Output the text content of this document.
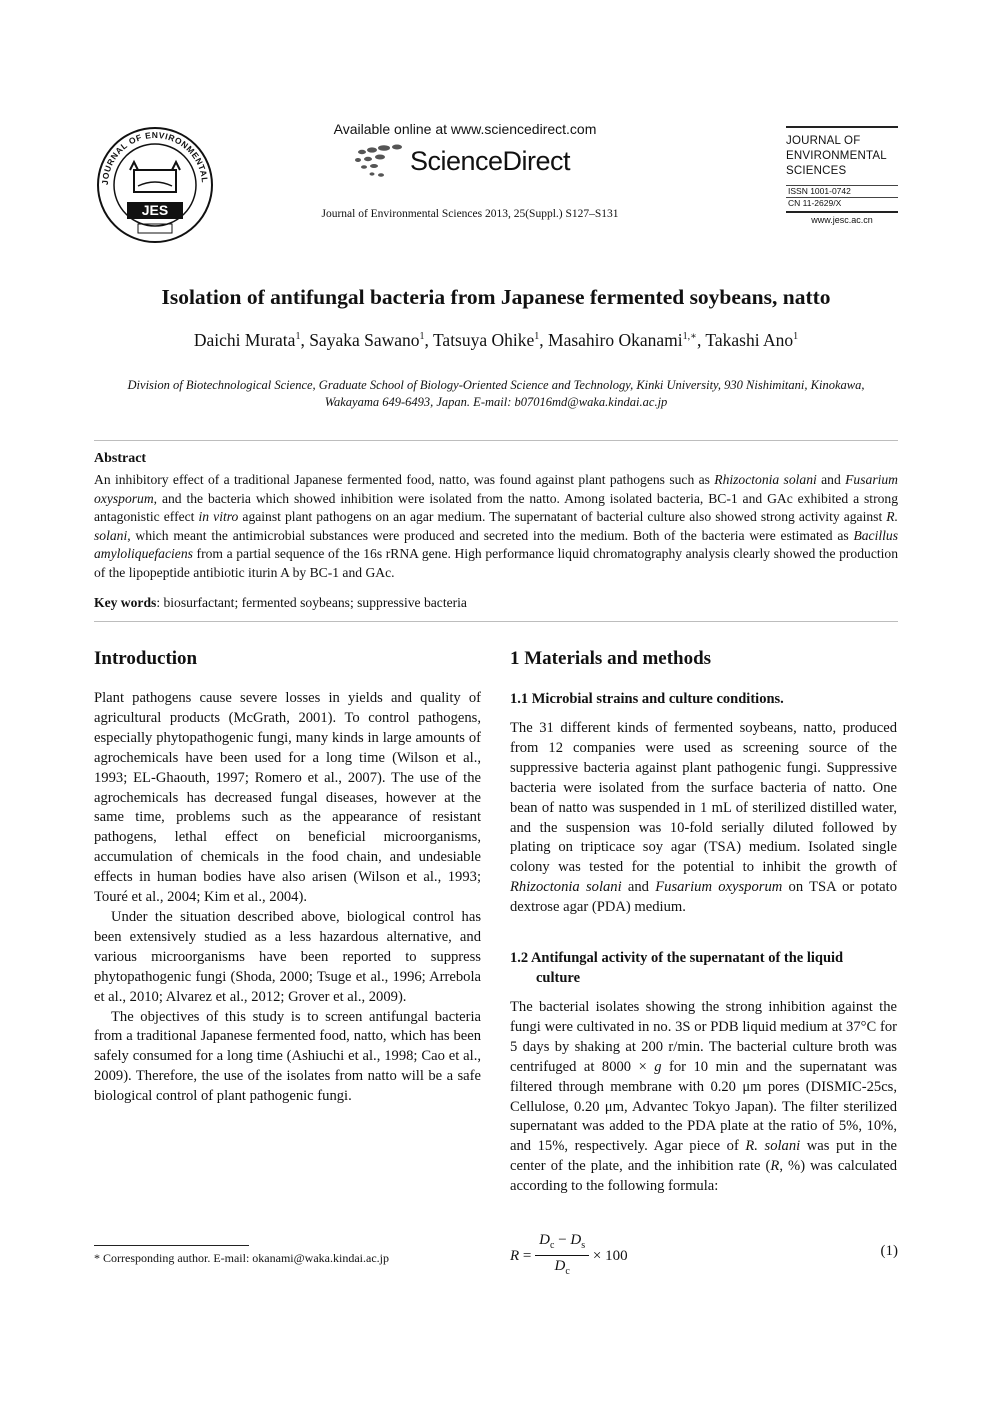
JOURNAL OF ENVIRONMENTAL
JES
Available online at www.sciencedirect.com
ScienceDirect
Journal of Environmental Sciences 2013, 25(Suppl.) S127–S131
JOURNAL OF
ENVIRONMENTAL
SCIENCES
ISSN 1001-0742
CN 11-2629/X
www.jesc.ac.cn
Isolation of antifungal bacteria from Japanese fermented soybeans, natto
Daichi Murata$^1$, Sayaka Sawano$^1$, Tatsuya Ohike$^1$, Masahiro Okanami$^{1,∗}$, Takashi Ano$^1$
Division of Biotechnological Science, Graduate School of Biology-Oriented Science and Technology, Kinki University, 930 Nishimitani, Kinokawa, Wakayama 649-6493, Japan. E-mail: b07016md@waka.kindai.ac.jp
Abstract
An inhibitory effect of a traditional Japanese fermented food, natto, was found against plant pathogens such as Rhizoctonia solani and Fusarium oxysporum, and the bacteria which showed inhibition were isolated from the natto. Among isolated bacteria, BC-1 and GAc exhibited a strong antagonistic effect in vitro against plant pathogens on an agar medium. The supernatant of bacterial culture also showed strong activity against R. solani, which meant the antimicrobial substances were produced and secreted into the medium. Both of the bacteria were estimated as Bacillus amyloliquefaciens from a partial sequence of the 16s rRNA gene. High performance liquid chromatography analysis clearly showed the production of the lipopeptide antibiotic iturin A by BC-1 and GAc.
Key words: biosurfactant; fermented soybeans; suppressive bacteria
Introduction

Plant pathogens cause severe losses in yields and quality of agricultural products (McGrath, 2001). To control pathogens, especially phytopathogenic fungi, many kinds in large amounts of agrochemicals have been used for a long time (Wilson et al., 1993; EL-Ghaouth, 1997; Romero et al., 2007). The use of the agrochemicals has decreased fungal diseases, however at the same time, problems such as the appearance of resistant pathogens, lethal effect on beneficial microorganisms, accumulation of chemicals in the food chain, and undesiable effects in human bodies have also arisen (Wilson et al., 1993; Touré et al., 2004; Kim et al., 2004).

Under the situation described above, biological control has been extensively studied as a less hazardous alternative, and various microorganisms have been reported to suppress phytopathogenic fungi (Shoda, 2000; Tsuge et al., 1996; Arrebola et al., 2010; Alvarez et al., 2012; Grover et al., 2009).

The objectives of this study is to screen antifungal bacteria from a traditional Japanese fermented food, natto, which has been safely consumed for a long time (Ashiuchi et al., 1998; Cao et al., 2009). Therefore, the use of the isolates from natto will be a safe biological control of plant pathogenic fungi.

* Corresponding author. E-mail: okanami@waka.kindai.ac.jp
1 Materials and methods
1.1 Microbial strains and culture conditions.

The 31 different kinds of fermented soybeans, natto, produced from 12 companies were used as screening source of the suppressive bacteria against plant pathogenic fungi. Suppressive bacteria were isolated from the surface bacteria of natto. One bean of natto was suspended in 1 mL of sterilized distilled water, and the suspension was 10-fold serially diluted followed by plating on tripticace soy agar (TSA) medium. Isolated single colony was tested for the potential to inhibit the growth of Rhizoctonia solani and Fusarium oxysporum on TSA or potato dextrose agar (PDA) medium.

1.2 Antifungal activity of the supernatant of the liquid
culture

The bacterial isolates showing the strong inhibition against the fungi were cultivated in no. 3S or PDB liquid medium at 37°C for 5 days by shaking at 200 r/min. The bacterial culture broth was centrifuged at 8000 × g for 10 min and the supernatant was filtered through membrane with 0.20 μm pores (DISMIC-25cs, Cellulose, 0.20 μm, Advantec Tokyo Japan). The filter sterilized supernatant was added to the PDA plate at the ratio of 5%, 10%, and 15%, respectively. Agar piece of R. solani was put in the center of the plate, and the inhibition rate (R, %) was calculated according to the following formula:

$R = \frac{D_c - D_s}{D_c} \times 100$	(1)
